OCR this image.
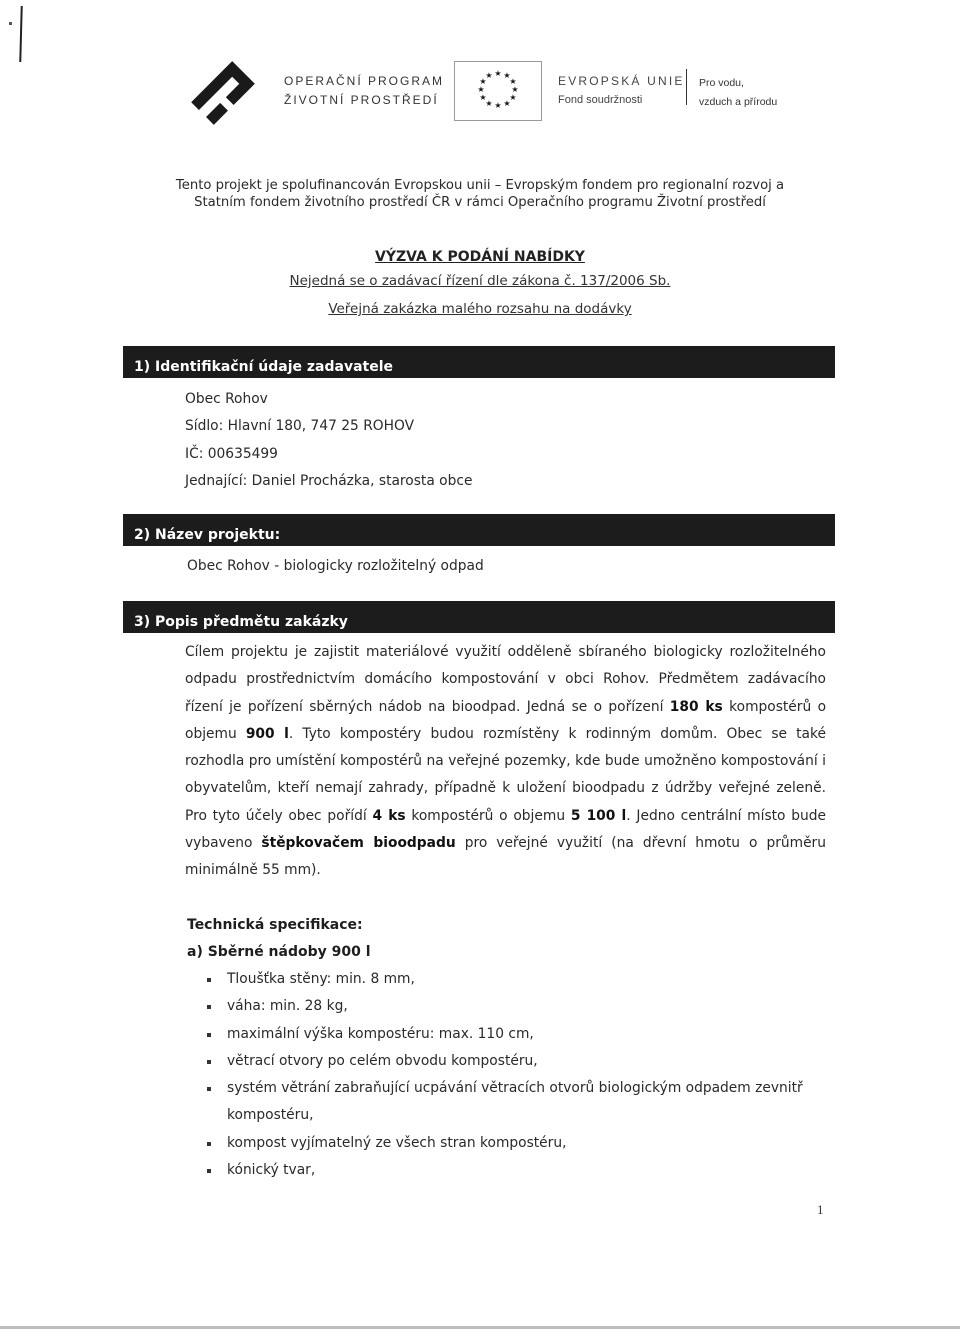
OPERAČNÍ PROGRAM
ŽIVOTNÍ PROSTŘEDÍ
★ ★
★
★
★
★
★
★
★
★
★
★	EVROPSKÁ UNIE
Fond soudržnosti
Pro vodu,
vzduch a přírodu
Tento projekt je spolufinancován Evropskou unii – Evropským fondem pro regionalní rozvoj a
Statním fondem životního prostředí ČR v rámci Operačního programu Životní prostředí
VÝZVA K PODÁNÍ NABÍDKY
Nejedná se o zadávací řízení dle zákona č. 137/2006 Sb.
Veřejná zakázka malého rozsahu na dodávky
1) Identifikační údaje zadavatele
Obec Rohov
Sídlo: Hlavní 180, 747 25 ROHOV
IČ: 00635499
Jednající: Daniel Procházka, starosta obce
2) Název projektu:
Obec Rohov - biologicky rozložitelný odpad
3) Popis předmětu zakázky
Cílem projektu je zajistit materiálové využití odděleně sbíraného biologicky rozložitelného odpadu prostřednictvím domácího kompostování v obci Rohov. Předmětem zadávacího řízení je pořízení sběrných nádob na bioodpad. Jedná se o pořízení 180 ks kompostérů o objemu 900 l. Tyto kompostéry budou rozmístěny k rodinným domům. Obec se také rozhodla pro umístění kompostérů na veřejné pozemky, kde bude umožněno kompostování i obyvatelům, kteří nemají zahrady, případně k uložení bioodpadu z údržby veřejné zeleně. Pro tyto účely obec pořídí 4 ks kompostérů o objemu 5 100 l. Jedno centrální místo bude vybaveno štěpkovačem bioodpadu pro veřejné využití (na dřevní hmotu o průměru minimálně 55 mm).
Technická specifikace:
a) Sběrné nádoby 900 l
Tloušťka stěny: min. 8 mm,
váha: min. 28 kg,
maximální výška kompostéru: max. 110 cm,
větrací otvory po celém obvodu kompostéru,
systém větrání zabraňující ucpávání větracích otvorů biologickým odpadem zevnitř kompostéru,
kompost vyjímatelný ze všech stran kompostéru,
kónický tvar,
1
